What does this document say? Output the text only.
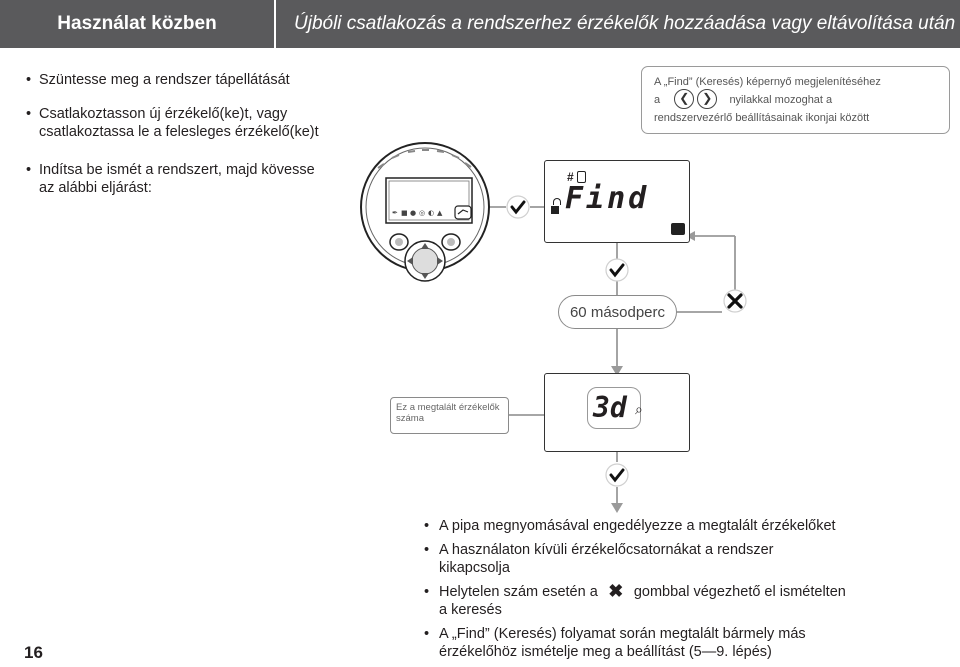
Használat közben	Újbóli csatlakozás a rendszerhez érzékelők hozzáadása vagy eltávolítása után
• Szüntesse meg a rendszer tápellátását
• Csatlakoztasson új érzékelő(ke)t, vagy
csatlakoztassa le a felesleges érzékelő(ke)t
• Indítsa be ismét a rendszert, majd kövesse
az alábbi eljárást:
A „Find” (Keresés) képernyő megjelenítéséhez
a ❮ ❯ nyilakkal mozoghat a
rendszervezérlő beállításainak ikonjai között
✒ ■ ● ◎ ◐ ▲
#
Find
60 másodperc
3d ⌕
Ez a megtalált érzékelők
száma
• A pipa megnyomásával engedélyezze a megtalált érzékelőket
• A használaton kívüli érzékelőcsatornákat a rendszer
kikapcsolja
• Helytelen szám esetén a ✖ gombbal végezhető el ismételten
a keresés
• A „Find” (Keresés) folyamat során megtalált bármely más
érzékelőhöz ismételje meg a beállítást (5—9. lépés)
16
